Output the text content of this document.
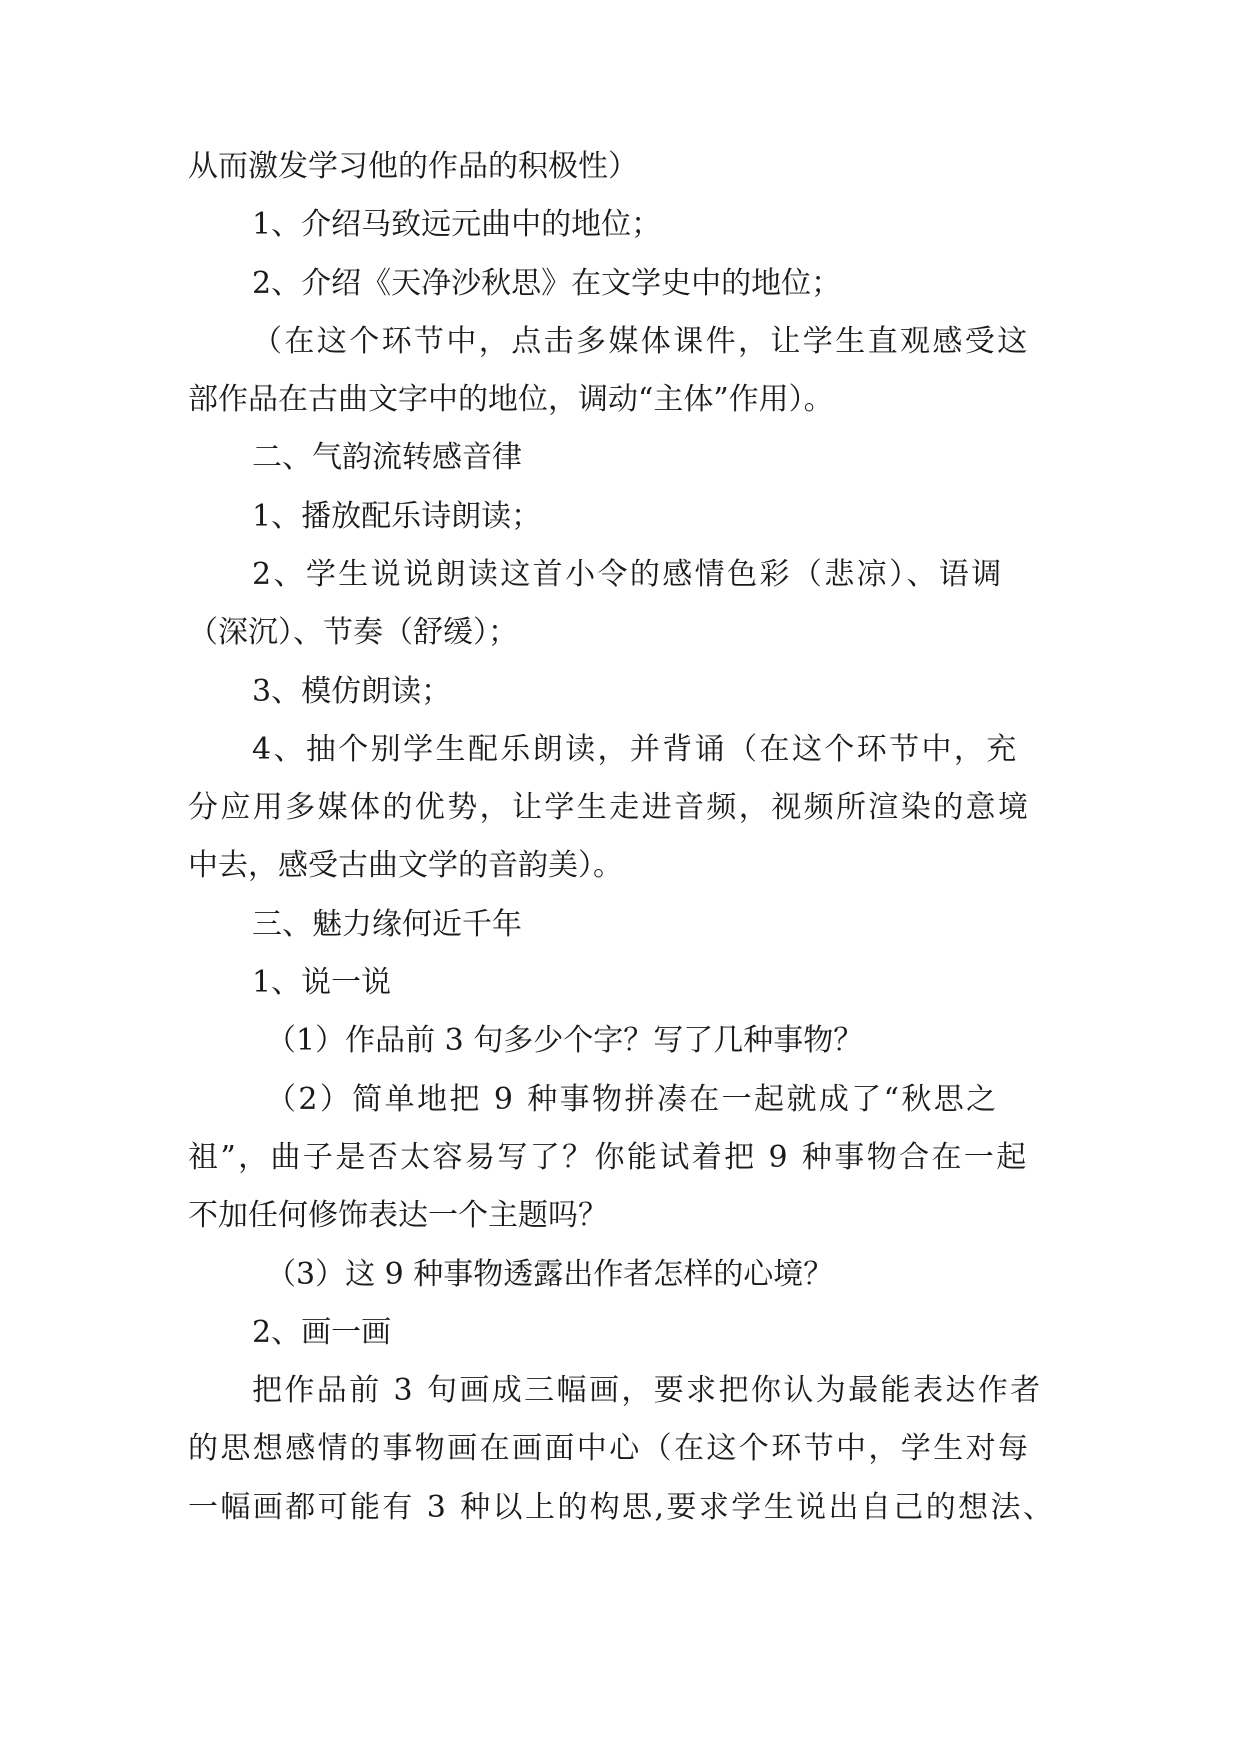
从而激发学习他的作品的积极性）
1、介绍马致远元曲中的地位；
2、介绍《天净沙秋思》在文学史中的地位；
（在这个环节中，点击多媒体课件，让学生直观感受这
部作品在古曲文字中的地位，调动“主体”作用）。
二、气韵流转感音律
1、播放配乐诗朗读；
2、学生说说朗读这首小令的感情色彩（悲凉）、语调
（深沉）、节奏（舒缓）；
3、模仿朗读；
4、抽个别学生配乐朗读，并背诵（在这个环节中，充
分应用多媒体的优势，让学生走进音频，视频所渲染的意境
中去，感受古曲文学的音韵美）。
三、魅力缘何近千年
1、说一说
（1）作品前 3 句多少个字？写了几种事物？
（2）简单地把 9 种事物拼凑在一起就成了“秋思之
祖”，曲子是否太容易写了？你能试着把 9 种事物合在一起
不加任何修饰表达一个主题吗？
（3）这 9 种事物透露出作者怎样的心境？
2、画一画
把作品前 3 句画成三幅画，要求把你认为最能表达作者
的思想感情的事物画在画面中心（在这个环节中，学生对每
一幅画都可能有 3 种以上的构思,要求学生说出自己的想法、
